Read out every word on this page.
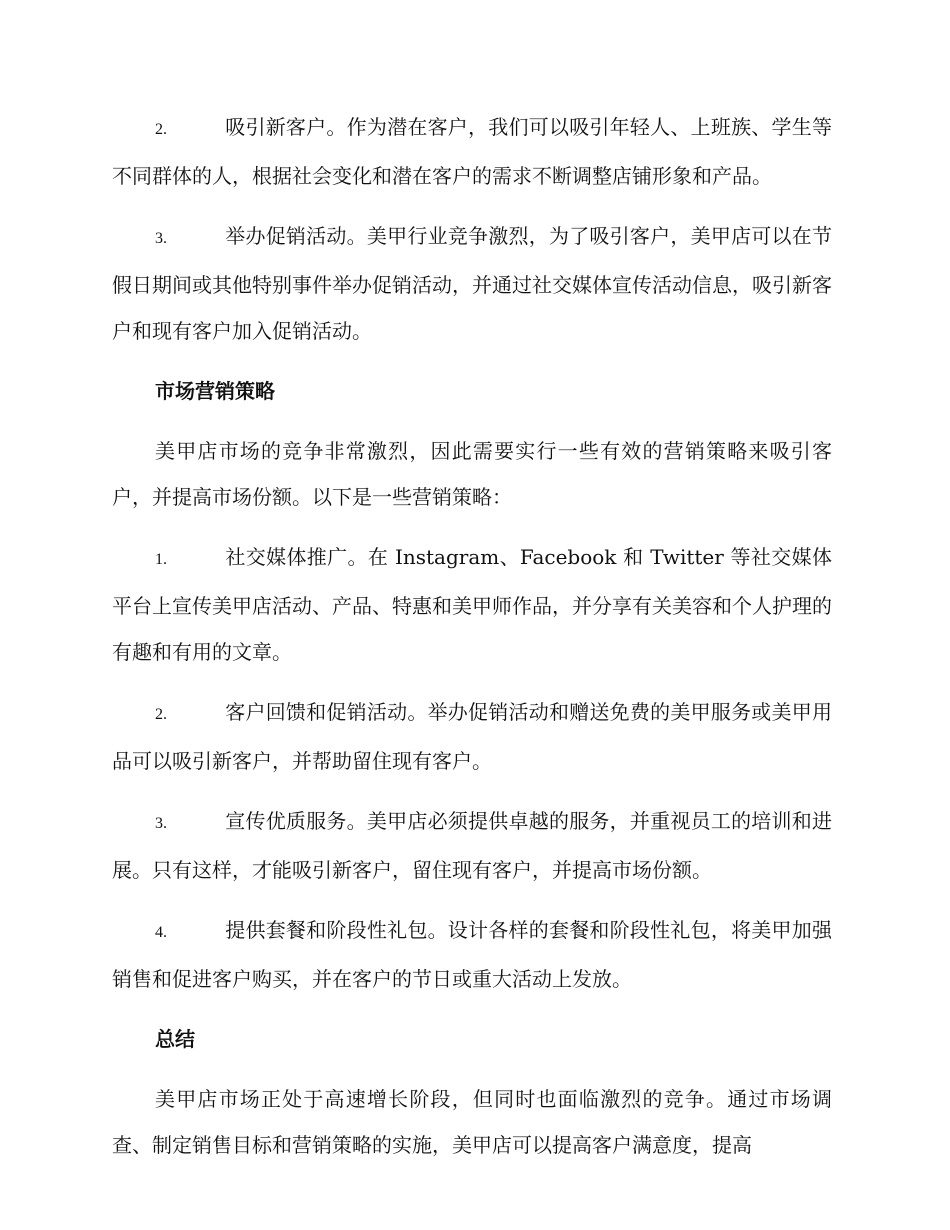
2.	吸引新客户。作为潜在客户，我们可以吸引年轻人、上班族、学生等不同群体的人，根据社会变化和潜在客户的需求不断调整店铺形象和产品。

3.	举办促销活动。美甲行业竞争激烈，为了吸引客户，美甲店可以在节假日期间或其他特别事件举办促销活动，并通过社交媒体宣传活动信息，吸引新客户和现有客户加入促销活动。

市场营销策略

美甲店市场的竞争非常激烈，因此需要实行一些有效的营销策略来吸引客户，并提高市场份额。以下是一些营销策略：

1.	社交媒体推广。在 Instagram、Facebook 和 Twitter 等社交媒体平台上宣传美甲店活动、产品、特惠和美甲师作品，并分享有关美容和个人护理的有趣和有用的文章。

2.	客户回馈和促销活动。举办促销活动和赠送免费的美甲服务或美甲用品可以吸引新客户，并帮助留住现有客户。

3.	宣传优质服务。美甲店必须提供卓越的服务，并重视员工的培训和进展。只有这样，才能吸引新客户，留住现有客户，并提高市场份额。

4.	提供套餐和阶段性礼包。设计各样的套餐和阶段性礼包，将美甲加强销售和促进客户购买，并在客户的节日或重大活动上发放。

总结

美甲店市场正处于高速增长阶段，但同时也面临激烈的竞争。通过市场调查、制定销售目标和营销策略的实施，美甲店可以提高客户满意度，提高
